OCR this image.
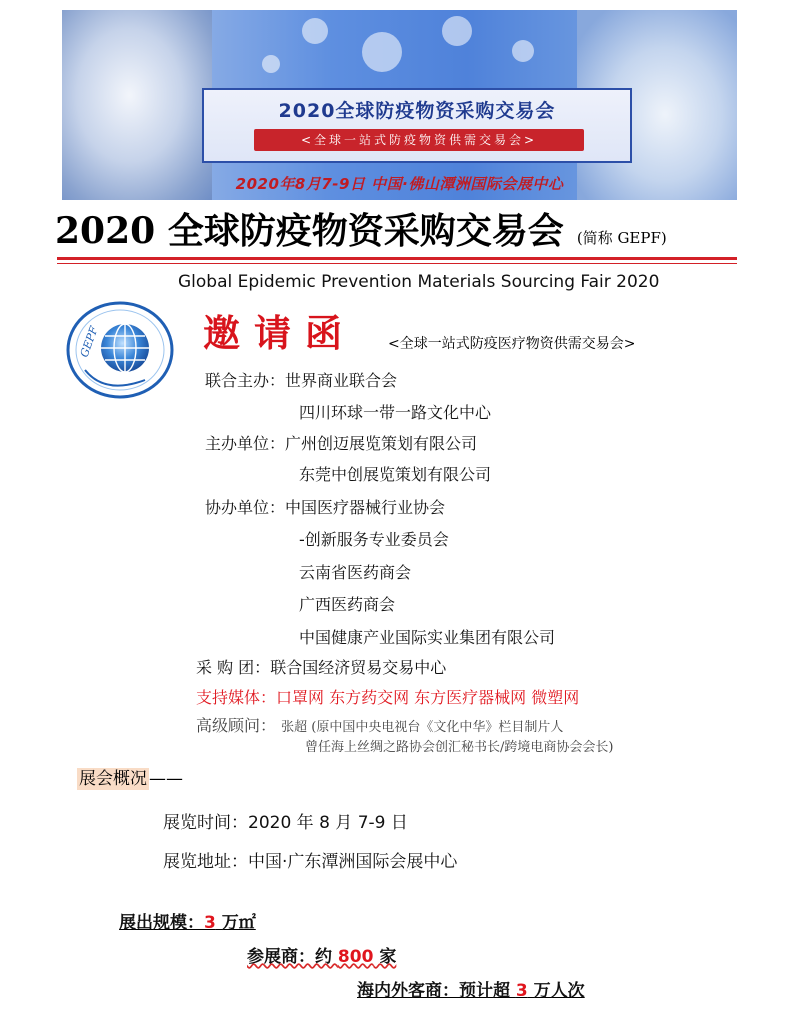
2020全球防疫物资采购交易会
<全球一站式防疫物资供需交易会>
2020年8月7-9日 中国·佛山潭洲国际会展中心
2020 全球防疫物资采购交易会 (简称 GEPF)
Global Epidemic Prevention Materials Sourcing Fair 2020
GEPF	邀请函 <全球一站式防疫医疗物资供需交易会>
联合主办：世界商业联合会
四川环球一带一路文化中心
主办单位：广州创迈展览策划有限公司
东莞中创展览策划有限公司
协办单位：中国医疗器械行业协会
-创新服务专业委员会
云南省医药商会
广西医药商会
中国健康产业国际实业集团有限公司
采 购 团：联合国经济贸易交易中心
支持媒体：口罩网 东方药交网 东方医疗器械网 微塑网
高级顾问： 张超 (原中国中央电视台《文化中华》栏目制片人
曾任海上丝绸之路协会创汇秘书长/跨境电商协会会长)
展会概况 ——
展览时间：2020 年 8 月 7-9 日
展览地址：中国·广东潭洲国际会展中心
展出规模：3 万㎡
参展商：约 800 家
海内外客商：预计超 3 万人次
